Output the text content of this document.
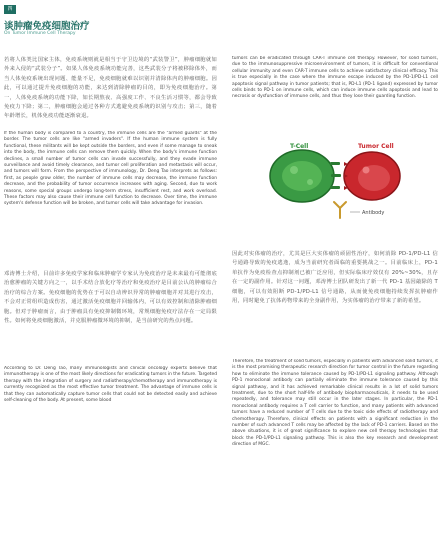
四
谈肿瘤免疫细胞治疗
On Tumor Immune Cell Therapy

若将人体类比国家主体，免疫系统则就是相当于守卫边境的“武装警卫”，肿瘤细胞就如外来入侵的“武装分子”。如果人体免疫系统功能完善，这些武装分子将被移除体外，而当人体免疫系统出现问题、能量不足，免疫细胞就难以识别并清除体内的肿瘤细胞。因此，可以通过提升免疫细胞的功能，来达到清除肿瘤的目的，即为免疫细胞治疗。第一，人体免疫系统的功能下降，如长期熬夜、高强度工作、不良生活习惯等，都会导致免疫力下降；第二，肿瘤细胞会通过各种方式逃避免疫系统的识别与攻击；第三，随着年龄增长，机体免疫功能逐渐衰退。

If the human body is compared to a country, the immune cells are the "armed guards" at the border. The tumor cells are like "armed invaders". If the human immune system is fully functional, these militants will be kept outside the borders, and even if some manage to sneak into the body, the immune cells can remove them quickly. When the body's immune function declines, a small number of tumor cells can invade successfully, and they evade immune surveillance and avoid timely clearance, and tumor cell proliferation and metastasis will occur, and tumors will form. From the perspective of immunology, Dr. Deng Tao interprets as follows: first, as people grow older, the number of immune cells may decrease, the immune function decrease, and the probability of tumor occurrence increases with aging. Second, due to work reasons, some special groups undergo long-term stress, insufficient rest, and work overload. These factors may also cause their immune cell function to decrease. Over time, the immune system's defense function will be broken, and tumor cells will take advantage for invasion.

邓涛博士介绍，目前许多免疫学家和临床肿瘤学专家认为免疫治疗是未来最有可能彻底治愈肿瘤的关键方向之一，以手术结合放化疗等治疗和免疫治疗是目前公认的肿瘤综合治疗的综合方案。免疫细胞的优势在于可以自动辨识异常的肿瘤细胞并对其进行攻击，不会对正常组织造成伤害，通过激活免疫细胞并回输体内，可以有效控制和清除肿瘤细胞。但对于肿瘤而言，由于肿瘤具有免疫抑制微环境，常规细胞免疫疗法存在一定局限性。如何将免疫细胞激活，并克服肿瘤微环境的抑制，是当前研究的热点问题。

According to Dr. Deng Tao, many immunologists and clinical oncology experts believe that immunotherapy is one of the most likely directions for eradicating tumors in the future. Targeted therapy with the integration of surgery and radiotherapy/chemotherapy and immunotherapy is currently recognized as the most effective tumor treatment. The advantage of immune cells is that they can automatically capture tumor cells that could not be detected easily and achieve self-cleaning of the body. At present, some blood

tumors can be eradicated through CAR-T immune cell therapy. However, for solid tumors, due to the immunosuppressive microenvironment of tumors, it is difficult for conventional cellular immunity and even CAR-T immune cells to achieve satisfactory clinical efficacy. This is true especially in the case where the immune escape induced by the PD-1/PD-L1 cell apoptosis signal pathway in tumor patients; that is, PD-L1 (PD-1 ligand) expressed by tumor cells binds to PD-1 on immune cells, which can induce immune cells apoptosis and lead to necrosis or dysfunction of immune cells, and thus they lose their guarding function.

T-Cell	Tumor Cell
Antibody

因此对实体瘤的治疗，尤其是巨大实体瘤的顽固性治疗，如何消除 PD-1/PD-L1 信号通路导致的免疫逃逸，成为当前研究者面临的重要挑战之一。目前临床上，PD-1 单抗作为免疫检查点抑制剂已被广泛应用，但实际临床疗效仅有 20%~30%，且存在一定的副作用。针对这一问题，邓涛博士团队研发出了新一代 PD-1 基因敲除的 T 细胞，可以有效阻断 PD-1/PD-L1 信号通路，从而使免疫细胞持续发挥抗肿瘤作用，同时避免了抗体药物带来的全身副作用，为实体瘤的治疗带来了新的希望。

Therefore, the treatment of solid tumors, especially in patients with advanced solid tumors, it is the most promising therapeutic research direction for tumor control in the future regarding how to eliminate the immune tolerance caused by PD-1/PD-L1 signaling pathway. Although PD-1 monoclonal antibody can partially eliminate the immune tolerance caused by this signal pathway, and it has achieved remarkable clinical results in a lot of solid tumors treatment, due to the short half-life of antibody biopharmaceuticals, it needs to be used repeatedly, and tolerance may still occur in the later stages. In particular, the PD-1 monoclonal antibody requires a T cell carrier to function, and many patients with advanced tumors have a reduced number of T cells due to the toxic side effects of radiotherapy and chemotherapy. Therefore, clinical effects on patients with a significant reduction in the number of such advanced T cells may be affected by the lack of PD-1 carriers. Based on the above situations, it is of great significance to explore new cell therapy technologies that block the PD-1/PD-L1 signaling pathway. This is also the key research and development direction of MGC.
